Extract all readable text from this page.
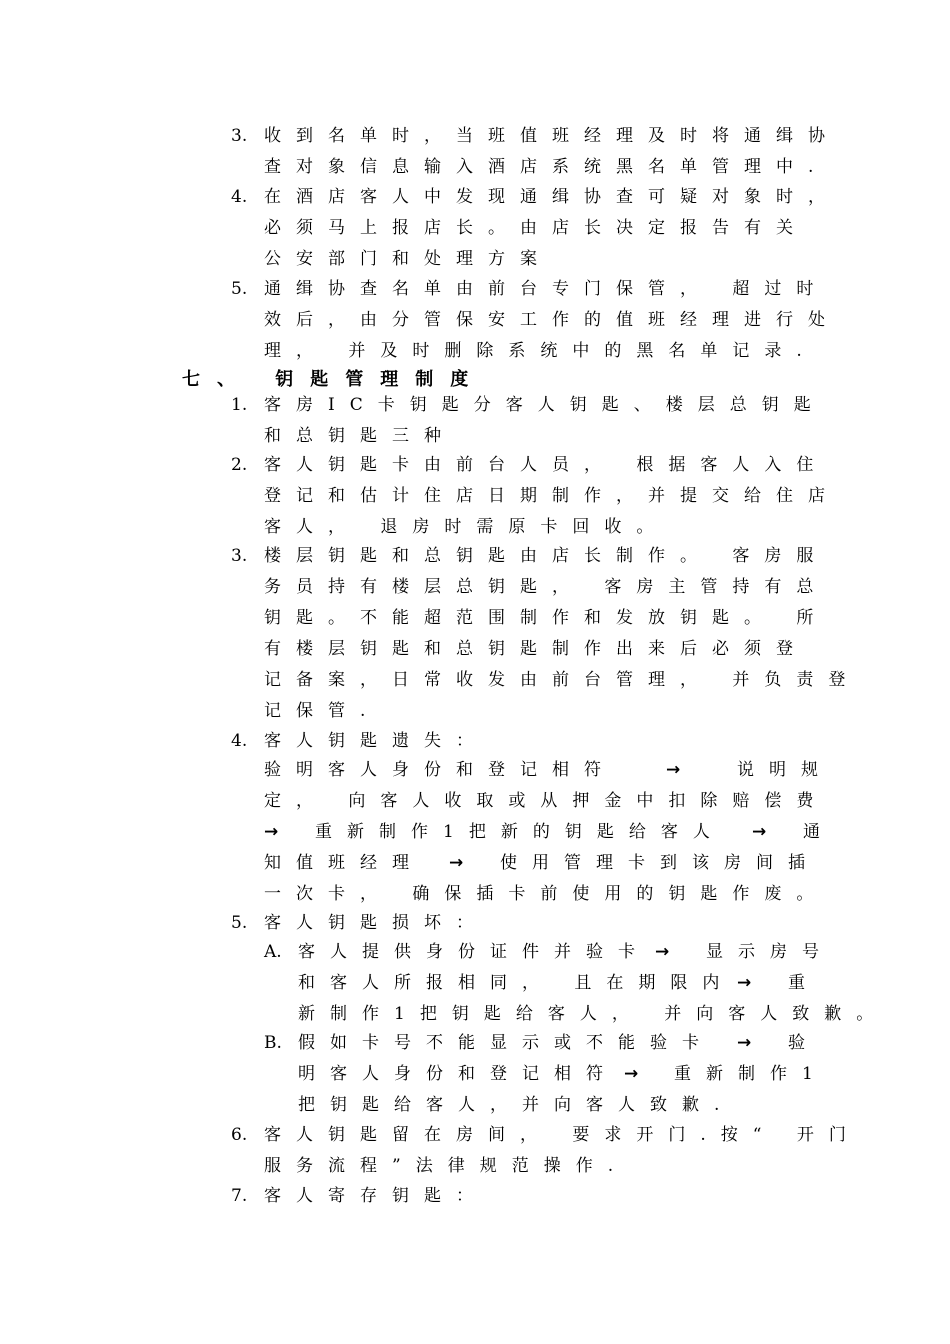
3. 收到名单时，当班值班经理及时将通缉协
查对象信息输入酒店系统黑名单管理中.
4. 在酒店客人中发现通缉协查可疑对象时，
必须马上报店长。由店长决定报告有关
公安部门和处理方案
5. 通缉协查名单由前台专门保管， 超过时
效后，由分管保安工作的值班经理进行处
理， 并及时删除系统中的黑名单记录.
七、 钥匙管理制度
1. 客房IC卡钥匙分客人钥匙、楼层总钥匙
和总钥匙三种
2. 客人钥匙卡由前台人员， 根据客人入住
登记和估计住店日期制作，并提交给住店
客人， 退房时需原卡回收。
3. 楼层钥匙和总钥匙由店长制作。 客房服
务员持有楼层总钥匙， 客房主管持有总
钥匙。不能超范围制作和发放钥匙。 所
有楼层钥匙和总钥匙制作出来后必须登
记备案，日常收发由前台管理， 并负责登
记保管.
4. 客人钥匙遗失：
验明客人身份和登记相符	→	说明规
定， 向客人收取或从押金中扣除赔偿费
→ 重新制作1把新的钥匙给客人 → 通
知值班经理 → 使用管理卡到该房间插
一次卡， 确保插卡前使用的钥匙作废。
5. 客人钥匙损坏：
A. 客人提供身份证件并验卡 → 显示房号
和客人所报相同， 且在期限内 → 重
新制作1把钥匙给客人， 并向客人致歉。
B. 假如卡号不能显示或不能验卡 → 验
明客人身份和登记相符 → 重新制作1
把钥匙给客人，并向客人致歉.
6. 客人钥匙留在房间， 要求开门.按“ 开门
服务流程”法律规范操作.
7. 客人寄存钥匙：
